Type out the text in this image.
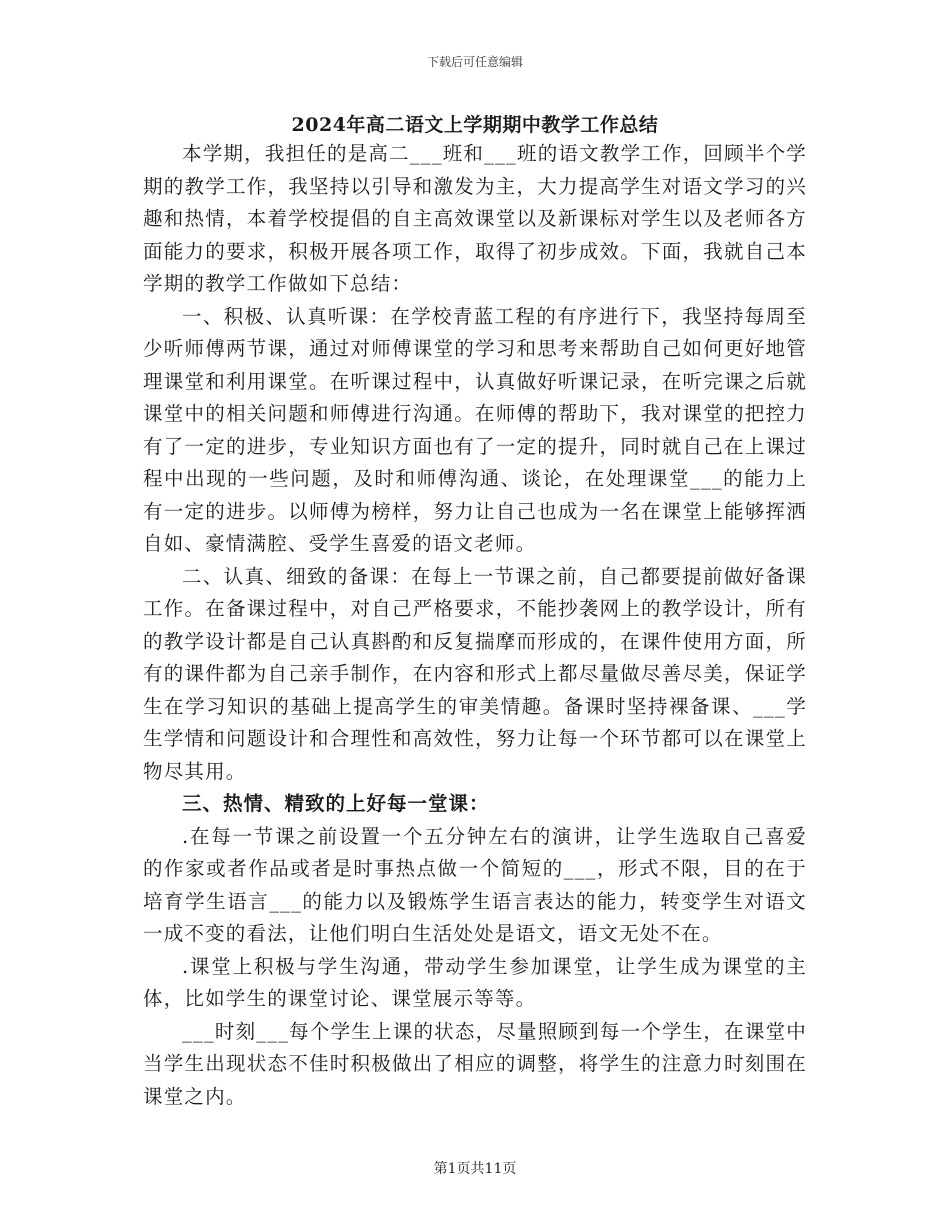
下载后可任意编辑
2024年高二语文上学期期中教学工作总结

本学期，我担任的是高二___班和___班的语文教学工作，回顾半个学期的教学工作，我坚持以引导和激发为主，大力提高学生对语文学习的兴趣和热情，本着学校提倡的自主高效课堂以及新课标对学生以及老师各方面能力的要求，积极开展各项工作，取得了初步成效。下面，我就自己本学期的教学工作做如下总结：

一、积极、认真听课：在学校青蓝工程的有序进行下，我坚持每周至少听师傅两节课，通过对师傅课堂的学习和思考来帮助自己如何更好地管理课堂和利用课堂。在听课过程中，认真做好听课记录，在听完课之后就课堂中的相关问题和师傅进行沟通。在师傅的帮助下，我对课堂的把控力有了一定的进步，专业知识方面也有了一定的提升，同时就自己在上课过程中出现的一些问题，及时和师傅沟通、谈论，在处理课堂___的能力上有一定的进步。以师傅为榜样，努力让自己也成为一名在课堂上能够挥洒自如、豪情满腔、受学生喜爱的语文老师。

二、认真、细致的备课：在每上一节课之前，自己都要提前做好备课工作。在备课过程中，对自己严格要求，不能抄袭网上的教学设计，所有的教学设计都是自己认真斟酌和反复揣摩而形成的，在课件使用方面，所有的课件都为自己亲手制作，在内容和形式上都尽量做尽善尽美，保证学生在学习知识的基础上提高学生的审美情趣。备课时坚持裸备课、___学生学情和问题设计和合理性和高效性，努力让每一个环节都可以在课堂上物尽其用。

三、热情、精致的上好每一堂课：

.在每一节课之前设置一个五分钟左右的演讲，让学生选取自己喜爱的作家或者作品或者是时事热点做一个简短的___，形式不限，目的在于培育学生语言___的能力以及锻炼学生语言表达的能力，转变学生对语文一成不变的看法，让他们明白生活处处是语文，语文无处不在。

.课堂上积极与学生沟通，带动学生参加课堂，让学生成为课堂的主体，比如学生的课堂讨论、课堂展示等等。

___时刻___每个学生上课的状态，尽量照顾到每一个学生，在课堂中当学生出现状态不佳时积极做出了相应的调整，将学生的注意力时刻围在课堂之内。

第1页共11页
